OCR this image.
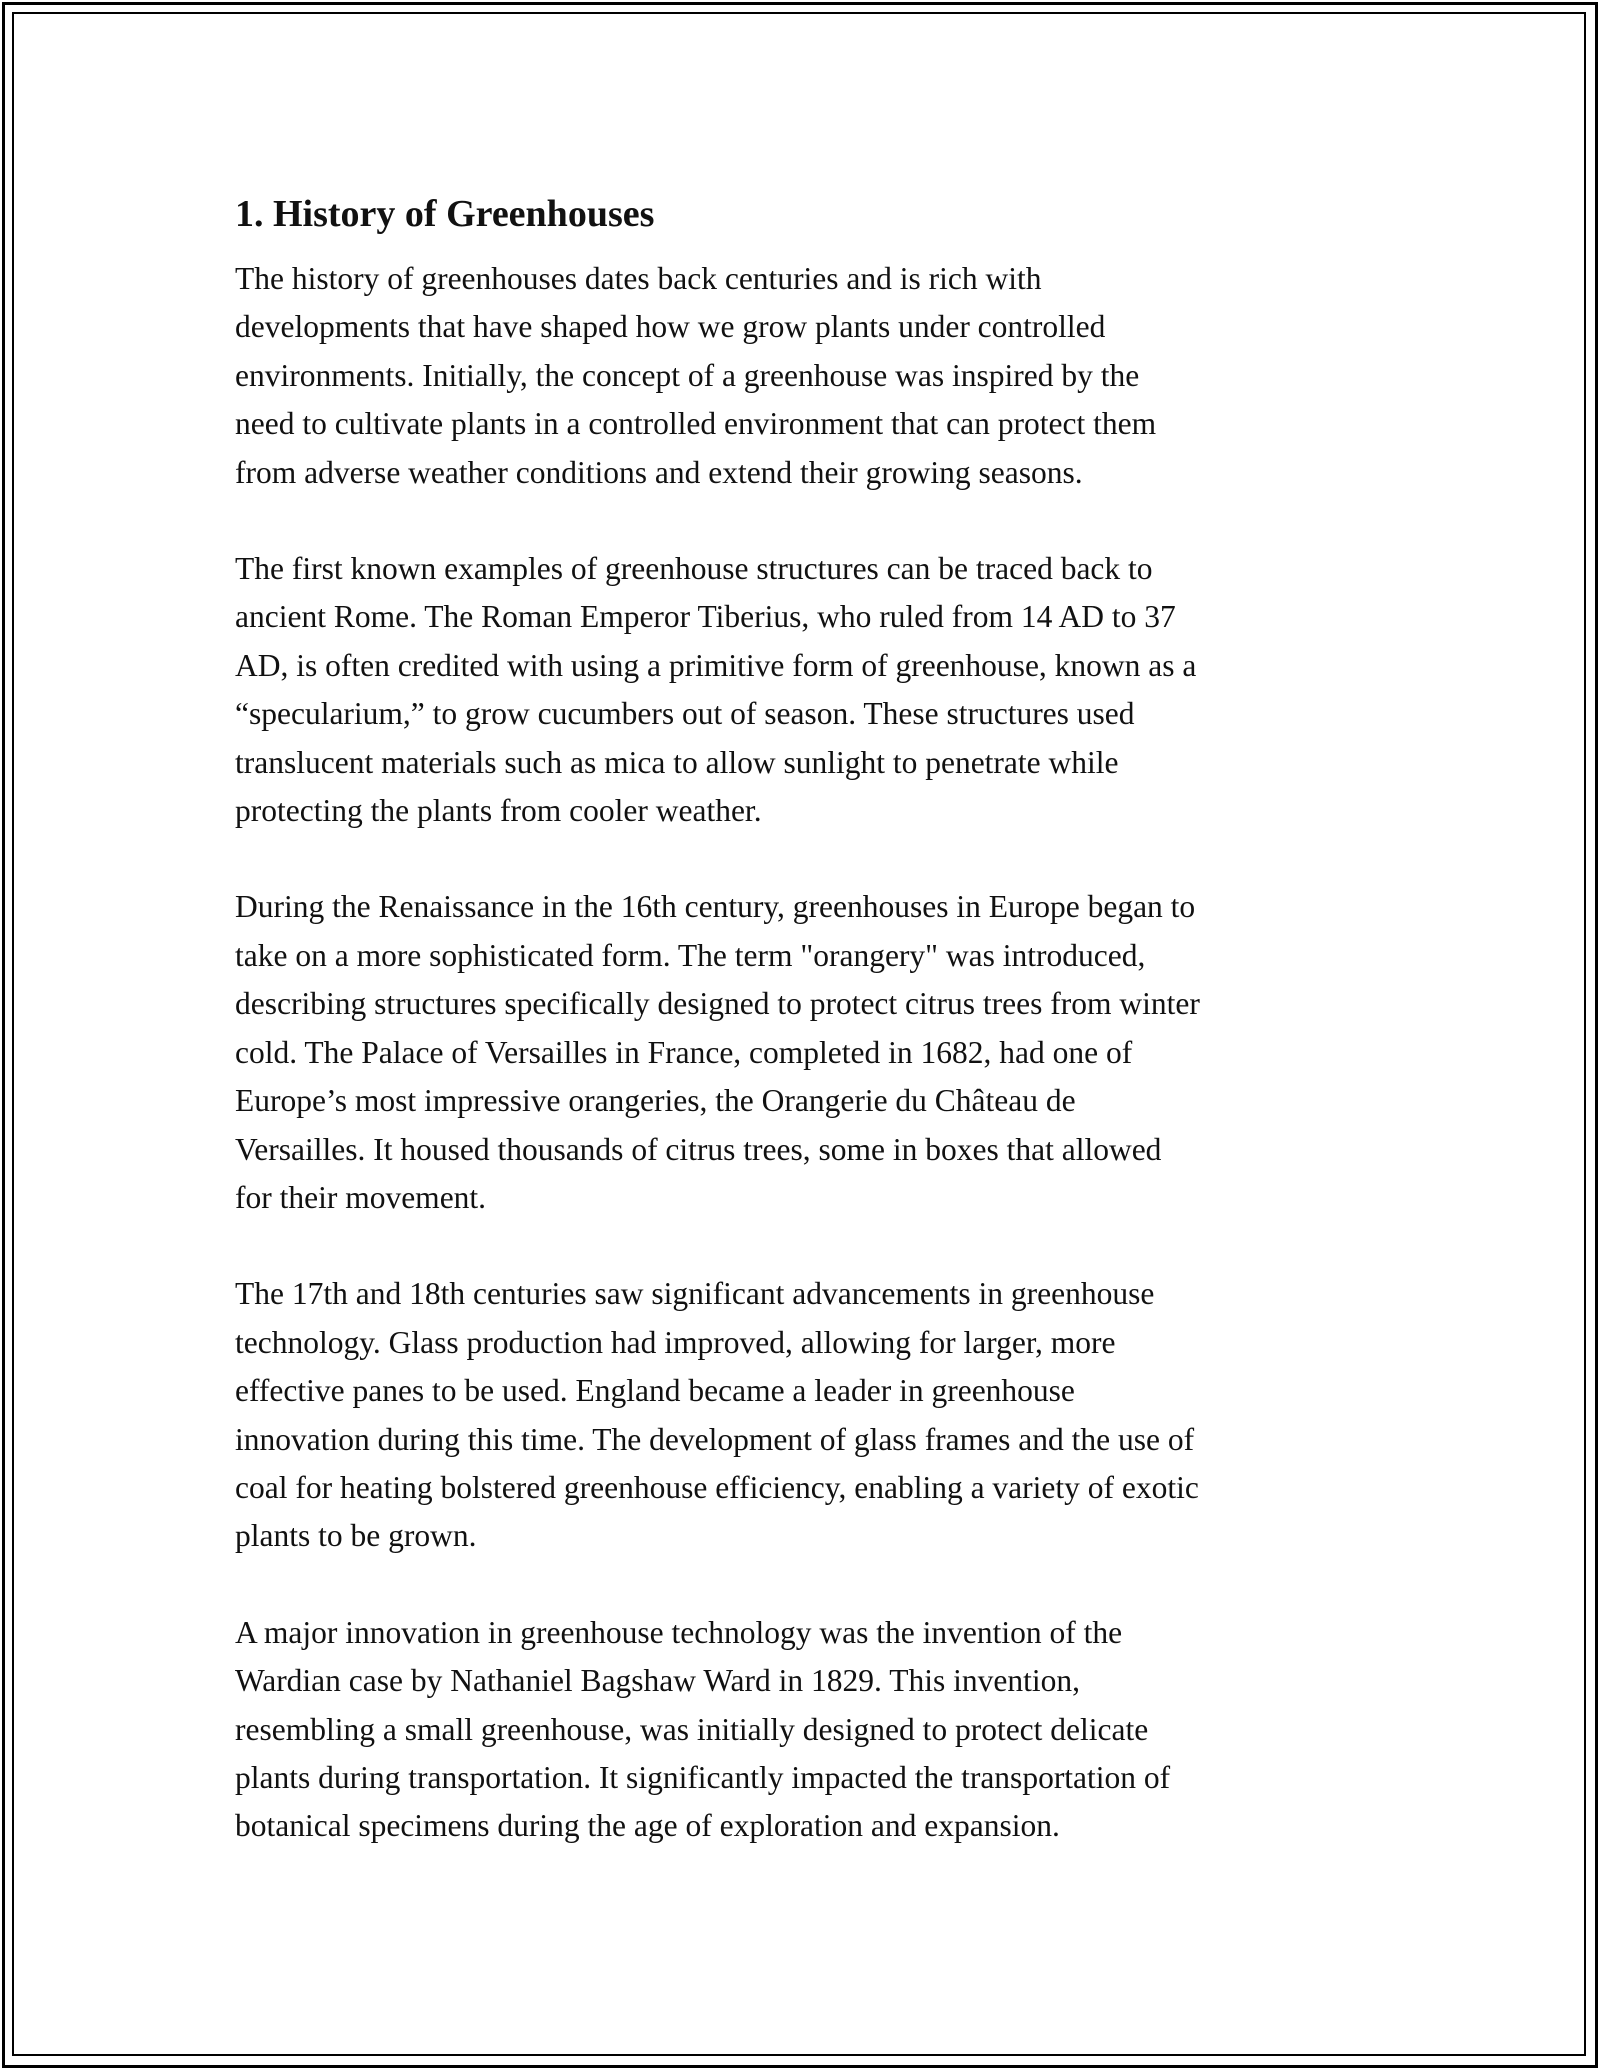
1. History of Greenhouses

The history of greenhouses dates back centuries and is rich with
developments that have shaped how we grow plants under controlled
environments. Initially, the concept of a greenhouse was inspired by the
need to cultivate plants in a controlled environment that can protect them
from adverse weather conditions and extend their growing seasons.

The first known examples of greenhouse structures can be traced back to
ancient Rome. The Roman Emperor Tiberius, who ruled from 14 AD to 37
AD, is often credited with using a primitive form of greenhouse, known as a
“specularium,” to grow cucumbers out of season. These structures used
translucent materials such as mica to allow sunlight to penetrate while
protecting the plants from cooler weather.

During the Renaissance in the 16th century, greenhouses in Europe began to
take on a more sophisticated form. The term "orangery" was introduced,
describing structures specifically designed to protect citrus trees from winter
cold. The Palace of Versailles in France, completed in 1682, had one of
Europe’s most impressive orangeries, the Orangerie du Château de
Versailles. It housed thousands of citrus trees, some in boxes that allowed
for their movement.

The 17th and 18th centuries saw significant advancements in greenhouse
technology. Glass production had improved, allowing for larger, more
effective panes to be used. England became a leader in greenhouse
innovation during this time. The development of glass frames and the use of
coal for heating bolstered greenhouse efficiency, enabling a variety of exotic
plants to be grown.

A major innovation in greenhouse technology was the invention of the
Wardian case by Nathaniel Bagshaw Ward in 1829. This invention,
resembling a small greenhouse, was initially designed to protect delicate
plants during transportation. It significantly impacted the transportation of
botanical specimens during the age of exploration and expansion.
